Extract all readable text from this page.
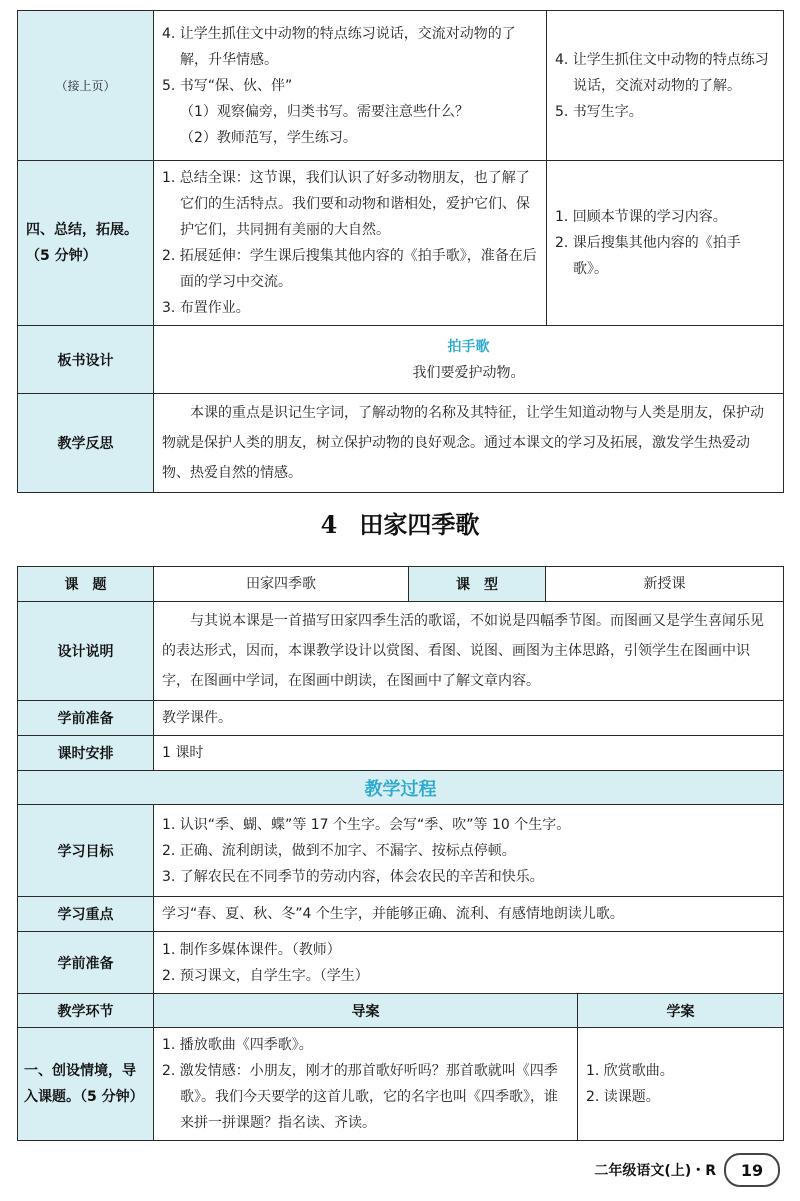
（接上页）	4. 让学生抓住文中动物的特点练习说话，交流对动物的了解，升华情感。
5. 书写“保、伙、伴”
（1）观察偏旁，归类书写。需要注意些什么？
（2）教师范写，学生练习。	4. 让学生抓住文中动物的特点练习说话，交流对动物的了解。
5. 书写生字。

四、总结，拓展。
（5 分钟）	1. 总结全课：这节课，我们认识了好多动物朋友，也了解了它们的生活特点。我们要和动物和谐相处，爱护它们、保护它们，共同拥有美丽的大自然。
2. 拓展延伸：学生课后搜集其他内容的《拍手歌》，准备在后面的学习中交流。
3. 布置作业。	1. 回顾本节课的学习内容。
2. 课后搜集其他内容的《拍手歌》。

板书设计	拍手歌
我们要爱护动物。	

教学反思	本课的重点是识记生字词，了解动物的名称及其特征，让学生知道动物与人类是朋友，保护动物就是保护人类的朋友，树立保护动物的良好观念。通过本课文的学习及拓展，激发学生热爱动物、热爱自然的情感。	
4 田家四季歌
课　题	田家四季歌	课　型	新授课	
设计说明	与其说本课是一首描写田家四季生活的歌谣，不如说是四幅季节图。而图画又是学生喜闻乐见的表达形式，因而，本课教学设计以赏图、看图、说图、画图为主体思路，引领学生在图画中识字，在图画中学词，在图画中朗读，在图画中了解文章内容。			
学前准备	教学课件。			
课时安排	1 课时			
教学过程				
学习目标	1. 认识“季、蝴、蝶”等 17 个生字。会写“季、吹”等 10 个生字。
2. 正确、流利朗读，做到不加字、不漏字、按标点停顿。
3. 了解农民在不同季节的劳动内容，体会农民的辛苦和快乐。			

学习重点	学习“春、夏、秋、冬”4 个生字，并能够正确、流利、有感情地朗读儿歌。			
学前准备	1. 制作多媒体课件。（教师）
2. 预习课文，自学生字。（学生）			

教学环节	导案			学案
一、创设情境，导入课题。（5 分钟）	1. 播放歌曲《四季歌》。
2. 激发情感：小朋友，刚才的那首歌好听吗？那首歌就叫《四季歌》。我们今天要学的这首儿歌，它的名字也叫《四季歌》，谁来拼一拼课题？指名读、齐读。			1. 欣赏歌曲。
2. 读课题。
二年级语文(上)・R	19
